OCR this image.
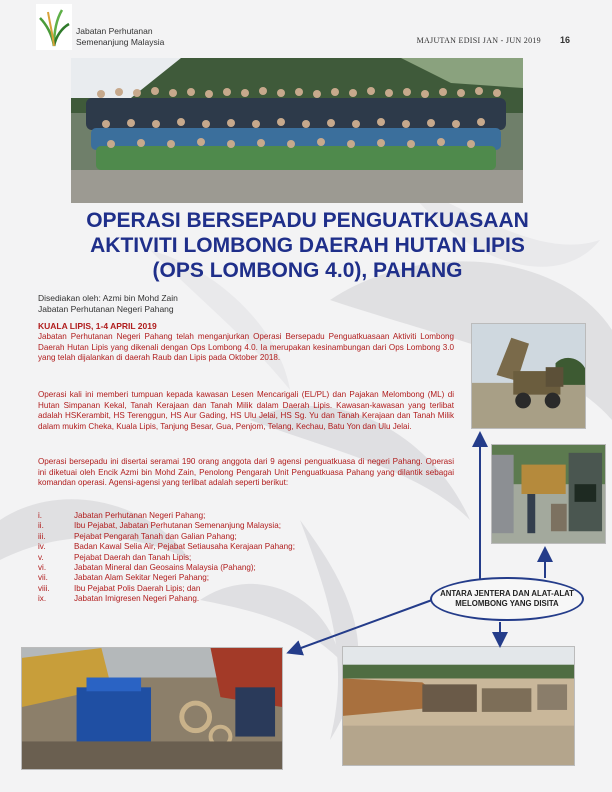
Jabatan Perhutanan
Semenanjung Malaysia	MAJUTAN EDISI JAN - JUN 2019 16
OPERASI BERSEPADU PENGUATKUASAAN
AKTIVITI LOMBONG DAERAH HUTAN LIPIS
(OPS LOMBONG 4.0), PAHANG
Disediakan oleh: Azmi bin Mohd Zain
Jabatan Perhutanan Negeri Pahang
KUALA LIPIS, 1-4 APRIL 2019
Jabatan Perhutanan Negeri Pahang telah menganjurkan Operasi Bersepadu Penguatkuasaan Aktiviti Lombong Daerah Hutan Lipis yang dikenali dengan Ops Lombong 4.0. Ia merupakan kesinambungan dari Ops Lombong 3.0 yang telah dijalankan di daerah Raub dan Lipis pada Oktober 2018.
Operasi kali ini memberi tumpuan kepada kawasan Lesen Mencarigali (EL/PL) dan Pajakan Melombong (ML) di Hutan Simpanan Kekal, Tanah Kerajaan dan Tanah Milik dalam Daerah Lipis. Kawasan-kawasan yang terlibat adalah HSKerambit, HS Terenggun, HS Aur Gading, HS Ulu Jelai, HS Sg. Yu dan Tanah Kerajaan dan Tanah Milik dalam mukim Cheka, Kuala Lipis, Tanjung Besar, Gua, Penjom, Telang, Kechau, Batu Yon dan Ulu Jelai.
Operasi bersepadu ini disertai seramai 190 orang anggota dari 9 agensi penguatkuasa di negeri Pahang. Operasi ini diketuai oleh Encik Azmi bin Mohd Zain, Penolong Pengarah Unit Penguatkuasa Pahang yang dilantik sebagai komandan operasi. Agensi-agensi yang terlibat adalah seperti berikut:
i.	Jabatan Perhutanan Negeri Pahang;
ii.	Ibu Pejabat, Jabatan Perhutanan Semenanjung Malaysia;
iii.	Pejabat Pengarah Tanah dan Galian Pahang;
iv.	Badan Kawal Selia Air, Pejabat Setiausaha Kerajaan Pahang;
v.	Pejabat Daerah dan Tanah Lipis;
vi.	Jabatan Mineral dan Geosains Malaysia (Pahang);
vii.	Jabatan Alam Sekitar Negeri Pahang;
viii.	Ibu Pejabat Polis Daerah Lipis; dan
ix.	Jabatan Imigresen Negeri Pahang.
ANTARA JENTERA DAN ALAT-ALAT
MELOMBONG YANG DISITA
